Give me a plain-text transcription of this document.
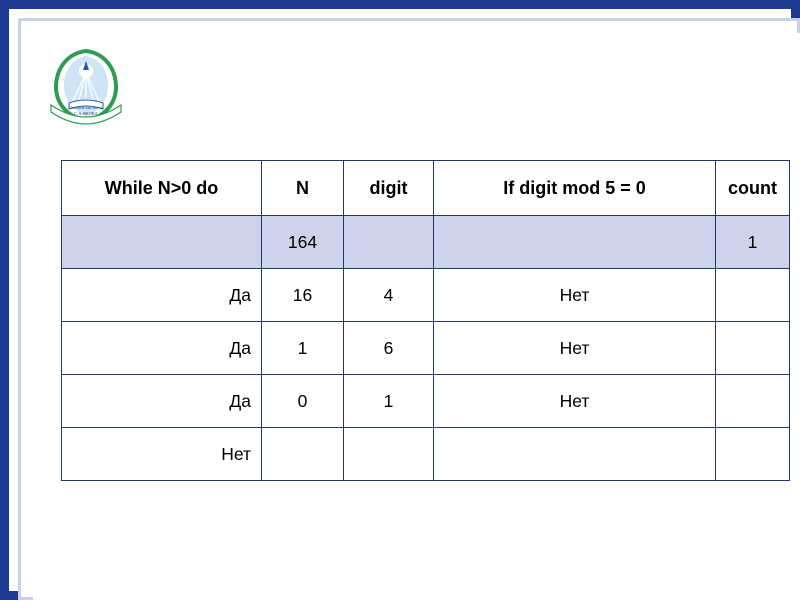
Омский институт
С.А.ЯКОВА
While N>0 do	N	digit	If digit mod 5 = 0	count
	164			1
Да	16	4	Нет	
Да	1	6	Нет	
Да	0	1	Нет	
Нет				
